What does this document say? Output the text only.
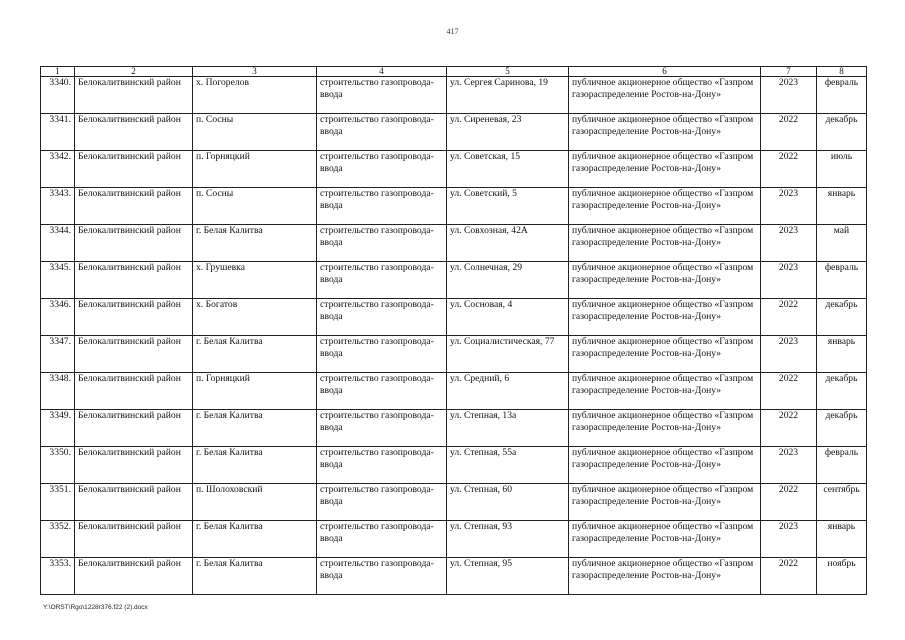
417
1	2	3	4	5	6	7	8
3340.	Белокалитвинский район	х. Погорелов	строительство газопровода-ввода	ул. Сергея Саринова, 19	публичное акционерное общество «Газпром газораспределение Ростов-на-Дону»	2023	февраль
3341.	Белокалитвинский район	п. Сосны	строительство газопровода-ввода	ул. Сиреневая, 23	публичное акционерное общество «Газпром газораспределение Ростов-на-Дону»	2022	декабрь
3342.	Белокалитвинский район	п. Горняцкий	строительство газопровода-ввода	ул. Советская, 15	публичное акционерное общество «Газпром газораспределение Ростов-на-Дону»	2022	июль
3343.	Белокалитвинский район	п. Сосны	строительство газопровода-ввода	ул. Советский, 5	публичное акционерное общество «Газпром газораспределение Ростов-на-Дону»	2023	январь
3344.	Белокалитвинский район	г. Белая Калитва	строительство газопровода-ввода	ул. Совхозная, 42А	публичное акционерное общество «Газпром газораспределение Ростов-на-Дону»	2023	май
3345.	Белокалитвинский район	х. Грушевка	строительство газопровода-ввода	ул. Солнечная, 29	публичное акционерное общество «Газпром газораспределение Ростов-на-Дону»	2023	февраль
3346.	Белокалитвинский район	х. Богатов	строительство газопровода-ввода	ул. Сосновая, 4	публичное акционерное общество «Газпром газораспределение Ростов-на-Дону»	2022	декабрь
3347.	Белокалитвинский район	г. Белая Калитва	строительство газопровода-ввода	ул. Социалистическая, 77	публичное акционерное общество «Газпром газораспределение Ростов-на-Дону»	2023	январь
3348.	Белокалитвинский район	п. Горняцкий	строительство газопровода-ввода	ул. Средний, 6	публичное акционерное общество «Газпром газораспределение Ростов-на-Дону»	2022	декабрь
3349.	Белокалитвинский район	г. Белая Калитва	строительство газопровода-ввода	ул. Степная, 13а	публичное акционерное общество «Газпром газораспределение Ростов-на-Дону»	2022	декабрь
3350.	Белокалитвинский район	г. Белая Калитва	строительство газопровода-ввода	ул. Степная, 55а	публичное акционерное общество «Газпром газораспределение Ростов-на-Дону»	2023	февраль
3351.	Белокалитвинский район	п. Шолоховский	строительство газопровода-ввода	ул. Степная, 60	публичное акционерное общество «Газпром газораспределение Ростов-на-Дону»	2022	сентябрь
3352.	Белокалитвинский район	г. Белая Калитва	строительство газопровода-ввода	ул. Степная, 93	публичное акционерное общество «Газпром газораспределение Ростов-на-Дону»	2023	январь
3353.	Белокалитвинский район	г. Белая Калитва	строительство газопровода-ввода	ул. Степная, 95	публичное акционерное общество «Газпром газораспределение Ростов-на-Дону»	2022	ноябрь
Y:\ORST\Rgo\1228r376.f22 (2).docx
